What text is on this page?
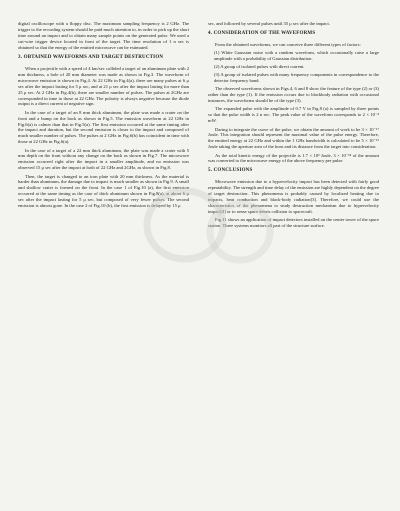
digital oscilloscope with a floppy disc. The maximum sampling frequency is 2 GHz. The trigger to the recording system should be paid much attention to, in order to pick up the short time around an impact and to obtain many sample points on the generated pulse. We used a cut-wire trigger device located in front of the target. The time resolution of 1 n sec is obtained so that the energy of the emitted microwave can be estimated.

3. OBTAINED WAVEFORMS AND TARGET DESTRUCTION

When a projectile with a speed of 4 km/sec collided a target of an aluminum plate with 2 mm thickness, a hole of 20 mm diameter was made as shown in Fig.3. The waveform of microwave emission is shown in Fig.4. At 22 GHz in Fig.4(a), there are many pulses at 6 μ sec after the impact lasting for 5 μ sec, and at 21 μ sec after the impact lasting for more than 25 μ sec. At 2 GHz in Fig.4(b), there are smaller number of pulses. The pulses at 2GHz are corresponded in time to those at 22 GHz. The polarity is always negative because the diode output is a direct current of negative sign.

In the case of a target of an 8 mm thick aluminum, the plate was made a crater on the front and a bump on the back as shown in Fig.5. The emission waveform at 22 GHz in Fig.6(a) is calmer than that in Fig.5(a). The first emission occurred at the same timing after the impact and duration, but the second emission is closer to the impact and composed of much smaller number of pulses. The pulses at 2 GHz in Fig.6(b) has coincident in time with those at 22 GHz in Fig.6(a).

In the case of a target of a 22 mm thick aluminum, the plate was made a crater with 5 mm depth on the front without any change on the back as shown in Fig.7. The microwave emission occurred right after the impact in a smaller amplitude, and no emission was observed 15 μ sec after the impact at both of 22 GHz and 2GHz, as shown in Fig.8.

Then, the target is changed to an iron plate with 20 mm thickness. As the material is harder than aluminum, the damage due to impact is much smaller as shown in Fig.9. A small and shallow crater is formed on the front. In the case 1 of Fig.10 (a), the first emission occurred at the same timing as the case of thick aluminum shown in Fig.8(a), at about 6 μ sec after the impact lasting for 5 μ sec, but composed of very fewer pulses. The second emission is almost gone. In the case 2 of Fig.10 (b), the first emission is delayed by 15 μ

sec, and followed by several pulses until 35 μ sec after the impact.

4. CONSIDERATION OF THE WAVEFORMS

From the obtained waveforms, we can conceive three different types of factors:

(1) White Gaussian noise with a random waveform, which occasionally raise a large amplitude with a probability of Gaussian distribution.

(2) A group of isolated pulses with direct current.

(3) A group of isolated pulses with many frequency components in correspondence to the detector frequency band.

The observed waveforms shown in Figs.4, 6 and 8 show the feature of the type (2) or (3) rather than the type (1). If the emission occurs due to blackbody radiation with occasional instances, the waveforms should be of the type (3).

The expanded pulse with the amplitude of 0.7 V in Fig.8 (a) is sampled by three points so that the pulse width is 2 n sec. The peak value of the waveform corresponds to 2 × 10⁻⁴ mW.

Daring to integrate the curve of the pulse, we obtain the amount of work to be 3 × 10⁻¹⁷ Joule. This integration should represent the maximal value of the pulse energy. Therefore, the emitted energy at 22 GHz and within the 1 GHz bandwidth is calculated to be 5 × 10⁻¹⁵ Joule taking the aperture area of the horn and its distance from the target into consideration.

As the total kinetic energy of the projectile is 1.7 × 10³ Joule, 3 × 10⁻¹⁸ of the amount was converted to the microwave energy of the above frequency per pulse.

5. CONCLUSIONS

Microwave emission due to a hypervelocity impact has been detected with fairly good repeatability. The strength and time delay of the emission are highly dependent on the degree of target destruction. This phenomena is probably caused by localized heating due to impacts, heat conduction and black-body radiation[3]. Therefore, we could use the characteristics of the phenomena to study destruction mechanism due to hypervelocity impact[4] or to sense space debris collision to spacecraft.

Fig.11 shows an application of impact detectors installed on the center tower of the space station. Three systems monitors all part of the structure surface.
